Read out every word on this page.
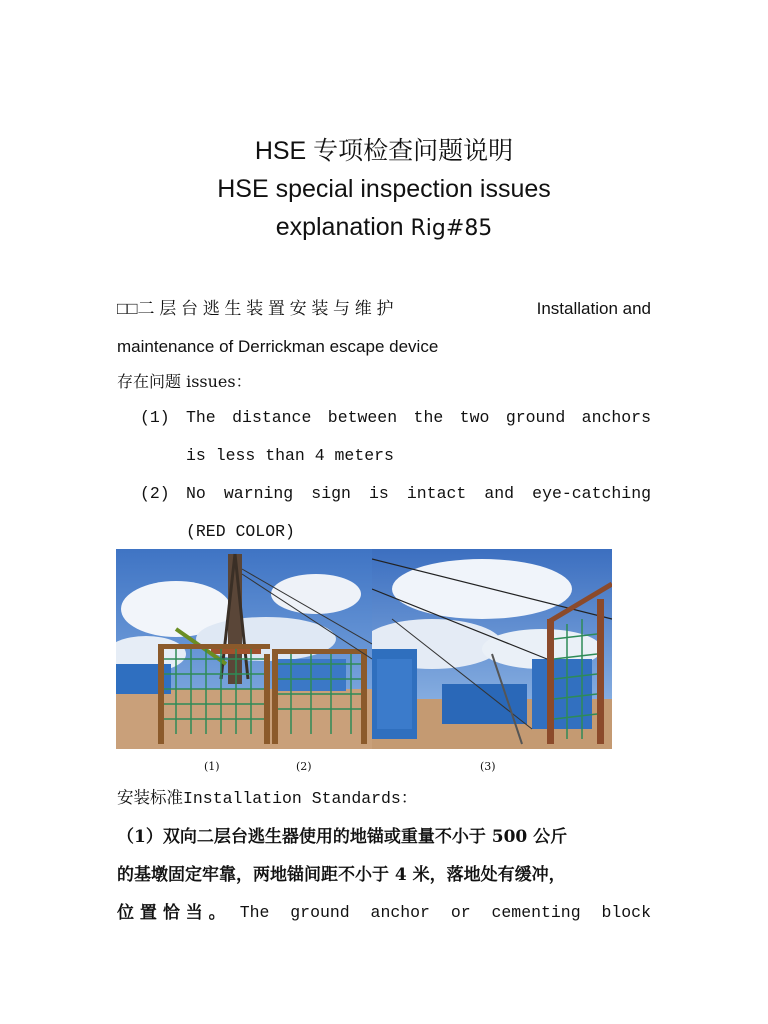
HSE 专项检查问题说明
HSE special inspection issues
explanation Rig#85
□□二 层 台 逃 生 装 置 安 装 与 维 护	Installation and
maintenance of Derrickman escape device
存在问题 issues：
(1) The distance between the two ground anchors
is less than 4 meters
(2) No warning sign is intact and eye-catching
(RED COLOR)
(1)	(2)	(3)
安装标准Installation Standards：
（1）双向二层台逃生器使用的地锚或重量不小于 500 公斤
的基墩固定牢靠，两地锚间距不小于 4 米，落地处有缓冲，
位 置 恰 当 。 The ground anchor or cementing block
